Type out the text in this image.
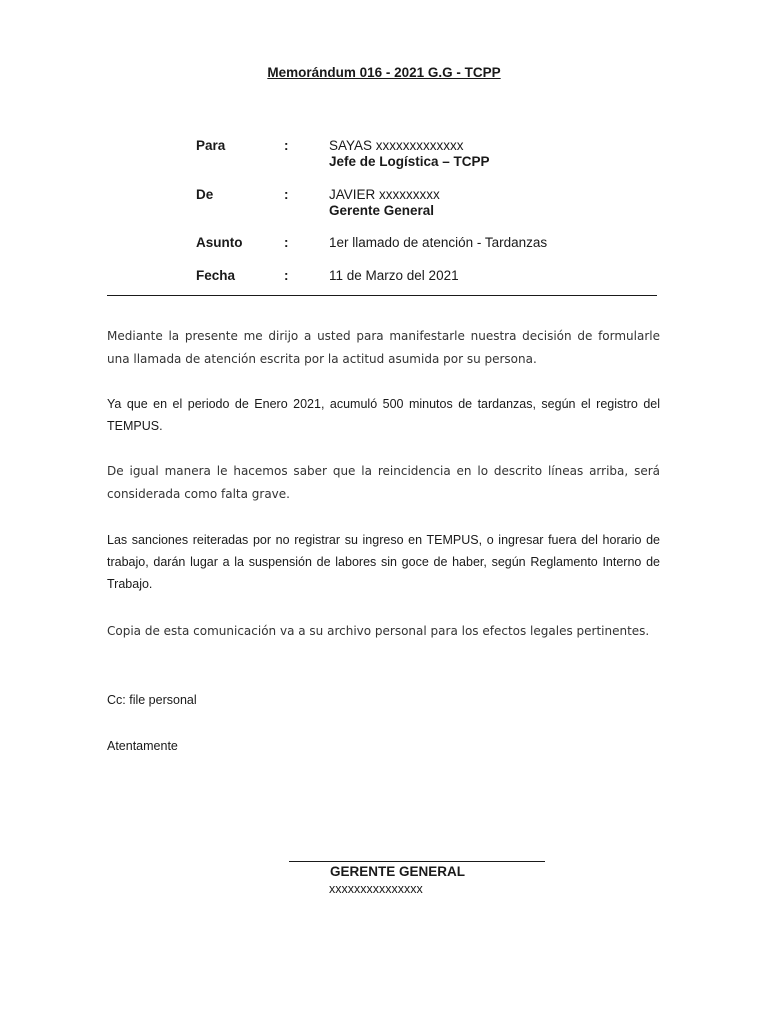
Memorándum 016 - 2021 G.G - TCPP
Para	:	SAYAS xxxxxxxxxxxxx
Jefe de Logística – TCPP
De	:	JAVIER xxxxxxxxx
Gerente General
Asunto	:	1er llamado de atención - Tardanzas
Fecha	:	11 de Marzo del 2021
Mediante la presente me dirijo a usted para manifestarle nuestra decisión de formularle una llamada de atención escrita por la actitud asumida por su persona.
Ya que en el periodo de Enero 2021, acumuló 500 minutos de tardanzas, según el registro del TEMPUS.
De igual manera le hacemos saber que la reincidencia en lo descrito líneas arriba, será considerada como falta grave.
Las sanciones reiteradas por no registrar su ingreso en TEMPUS, o ingresar fuera del horario de trabajo, darán lugar a la suspensión de labores sin goce de haber, según Reglamento Interno de Trabajo.
Copia de esta comunicación va a su archivo personal para los efectos legales pertinentes.
Cc: file personal
Atentamente
GERENTE GENERAL
xxxxxxxxxxxxxxx
